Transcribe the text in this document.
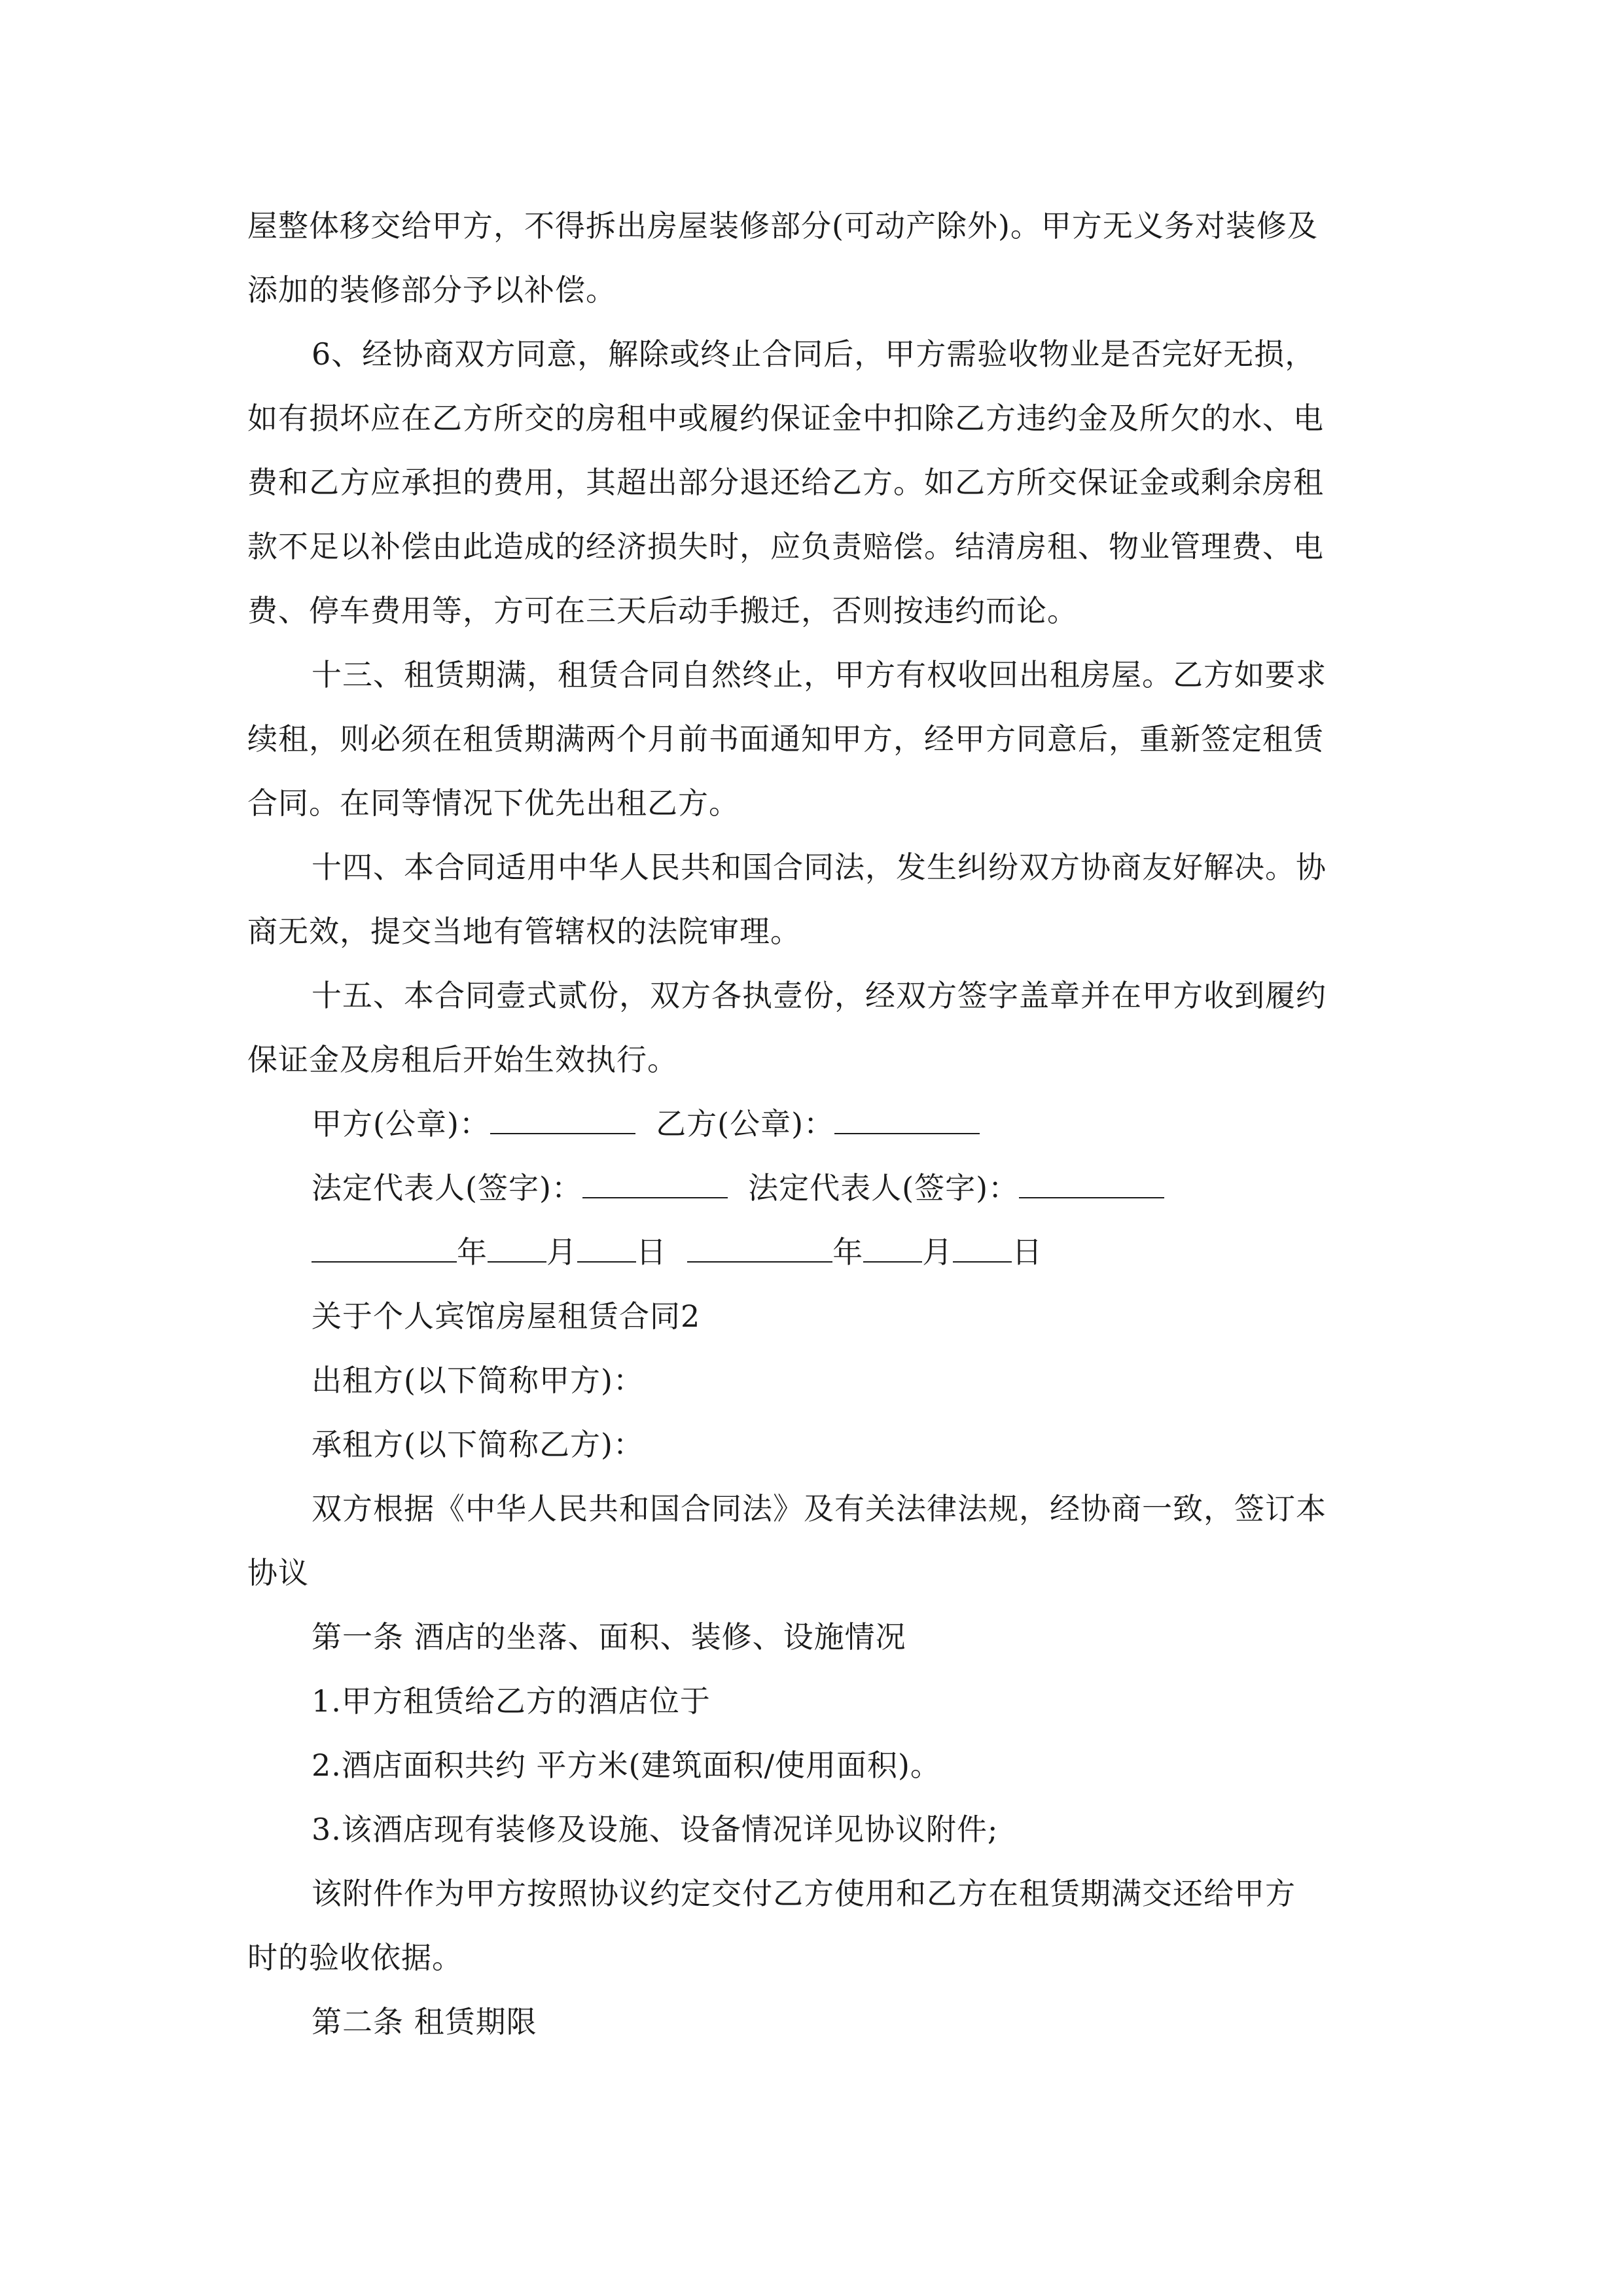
屋整体移交给甲方，不得拆出房屋装修部分(可动产除外)。甲方无义务对装修及
添加的装修部分予以补偿。

6、经协商双方同意，解除或终止合同后，甲方需验收物业是否完好无损，
如有损坏应在乙方所交的房租中或履约保证金中扣除乙方违约金及所欠的水、电
费和乙方应承担的费用，其超出部分退还给乙方。如乙方所交保证金或剩余房租
款不足以补偿由此造成的经济损失时，应负责赔偿。结清房租、物业管理费、电
费、停车费用等，方可在三天后动手搬迁，否则按违约而论。

十三、租赁期满，租赁合同自然终止，甲方有权收回出租房屋。乙方如要求
续租，则必须在租赁期满两个月前书面通知甲方，经甲方同意后，重新签定租赁
合同。在同等情况下优先出租乙方。

十四、本合同适用中华人民共和国合同法，发生纠纷双方协商友好解决。协
商无效，提交当地有管辖权的法院审理。

十五、本合同壹式贰份，双方各执壹份，经双方签字盖章并在甲方收到履约
保证金及房租后开始生效执行。

甲方(公章)：	乙方(公章)：
法定代表人(签字)：	法定代表人(签字)：
年 月 日	年 月 日

关于个人宾馆房屋租赁合同2
出租方(以下简称甲方)：
承租方(以下简称乙方)：
双方根据《中华人民共和国合同法》及有关法律法规，经协商一致，签订本
协议
第一条 酒店的坐落、面积、装修、设施情况
1.甲方租赁给乙方的酒店位于
2.酒店面积共约 平方米(建筑面积/使用面积)。
3.该酒店现有装修及设施、设备情况详见协议附件;
该附件作为甲方按照协议约定交付乙方使用和乙方在租赁期满交还给甲方
时的验收依据。
第二条 租赁期限
